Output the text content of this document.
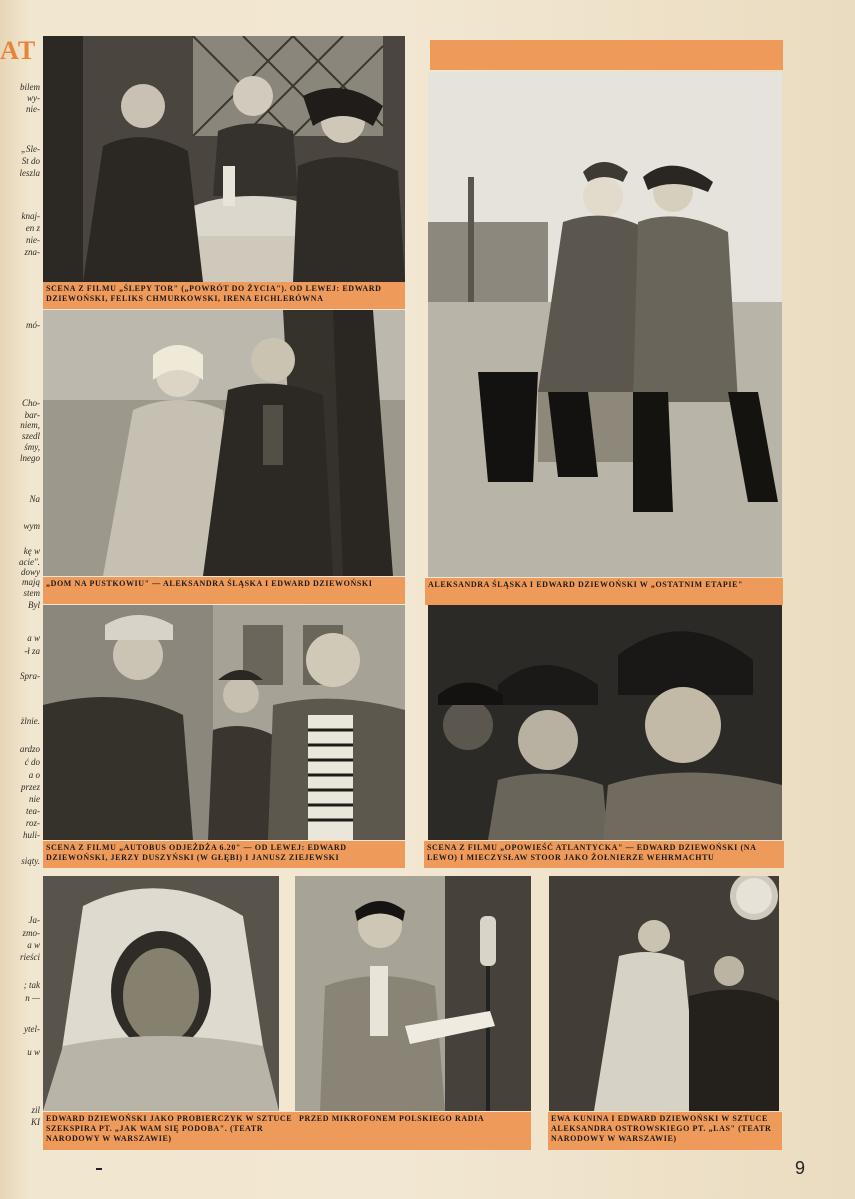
AT
bilem
wy-
nie-
„Sle-
St do
leszla
knaj-
en z
nie-
zna-
mó-
Cho-
bar-
niem,
szedl
śmy,
lnego
Na
wym
kę w
acie".
dowy
mają
stem
Byl
a w
-ł za
Spra-
żlnie.
ardzo
ć do
a o
przez
nie
tea-
roz-
huli-
siąty.
Ja-
zmo-
a w
rieści
; tak
n —
ytel-
u w
zil
KI
SCENA Z FILMU „ŚLEPY TOR" („POWRÓT DO ŻYCIA"). OD LEWEJ: EDWARD DZIEWOŃSKI, FELIKS CHMURKOWSKI, IRENA EICHLERÓWNA
„DOM NA PUSTKOWIU" — ALEKSANDRA ŚLĄSKA I EDWARD DZIEWOŃSKI	ALEKSANDRA ŚLĄSKA I EDWARD DZIEWOŃSKI W „OSTATNIM ETAPIE"
SCENA Z FILMU „AUTOBUS ODJEŻDŻA 6.20" — OD LEWEJ: EDWARD DZIEWOŃSKI, JERZY DUSZYŃSKI (W GŁĘBI) I JANUSZ ZIEJEWSKI
SCENA Z FILMU „OPOWIEŚĆ ATLANTYCKA" — EDWARD DZIEWOŃSKI (NA LEWO) I MIECZYSŁAW STOOR JAKO ŻOŁNIERZE WEHRMACHTU
EDWARD DZIEWOŃSKI JAKO PROBIERCZYK W SZTUCE SZEKSPIRA PT. „JAK WAM SIĘ PODOBA". (TEATR NARODOWY W WARSZAWIE)
PRZED MIKROFONEM POLSKIEGO RADIA	EWA KUNINA I EDWARD DZIEWOŃSKI W SZTUCE ALEKSANDRA OSTROWSKIEGO PT. „LAS" (TEATR NARODOWY W WARSZAWIE)
9
